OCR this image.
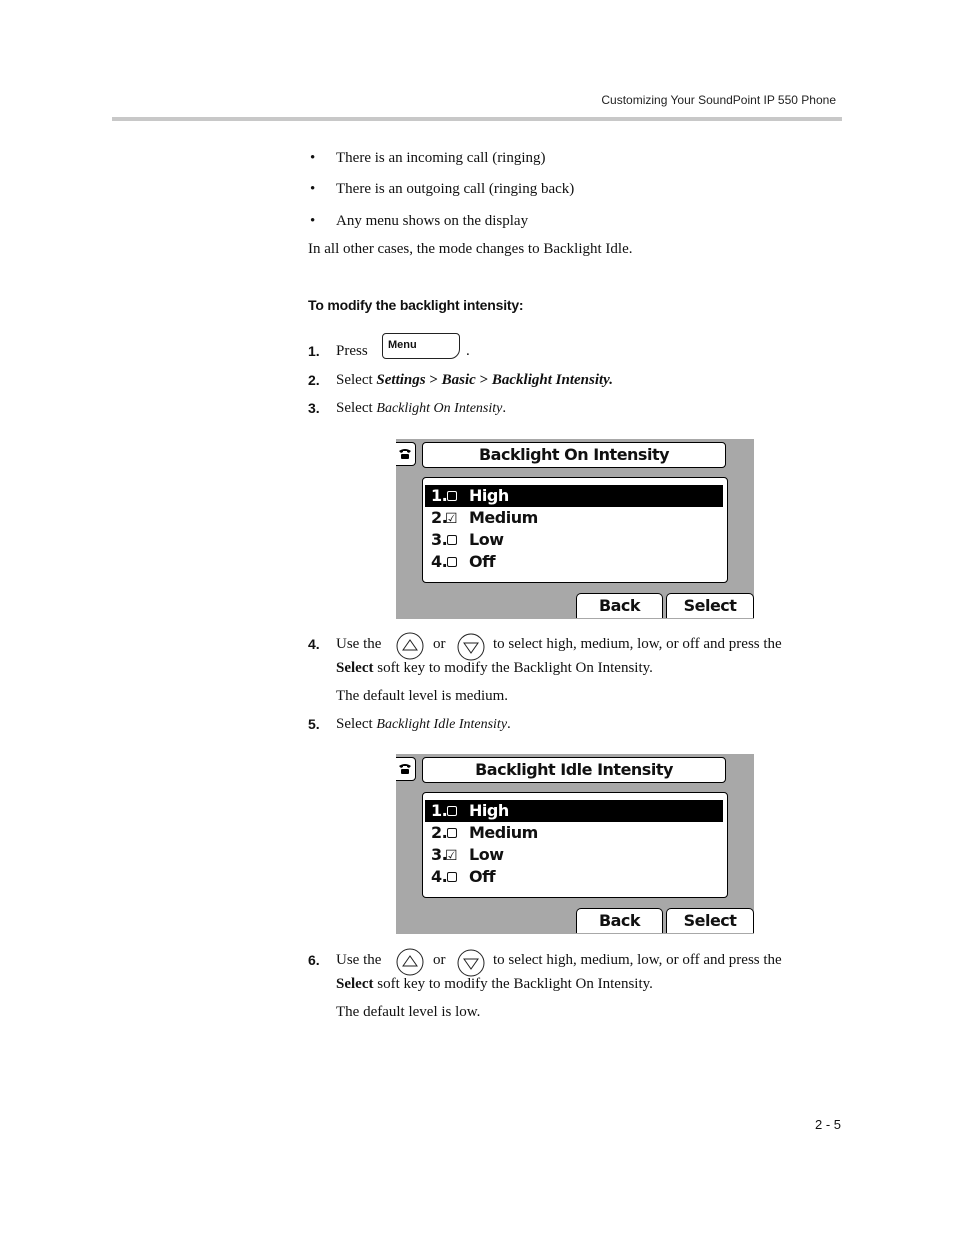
Customizing Your SoundPoint IP 550 Phone
• There is an incoming call (ringing)
• There is an outgoing call (ringing back)
• Any menu shows on the display
In all other cases, the mode changes to Backlight Idle.
To modify the backlight intensity:
1. Press Menu	.
2. Select Settings > Basic > Backlight Intensity.
3. Select Backlight On Intensity.
Backlight On Intensity
1. High
2.
☑ Medium
3. Low
4. Off
Back	Select
4. Use the	or	to select high, medium, low, or off and press the
Select soft key to modify the Backlight On Intensity.
The default level is medium.
5. Select Backlight Idle Intensity.
Backlight Idle Intensity
1. High
2. Medium
3.
☑ Low
4. Off
Back	Select
6. Use the	or	to select high, medium, low, or off and press the
Select soft key to modify the Backlight On Intensity.
The default level is low.
2 - 5
